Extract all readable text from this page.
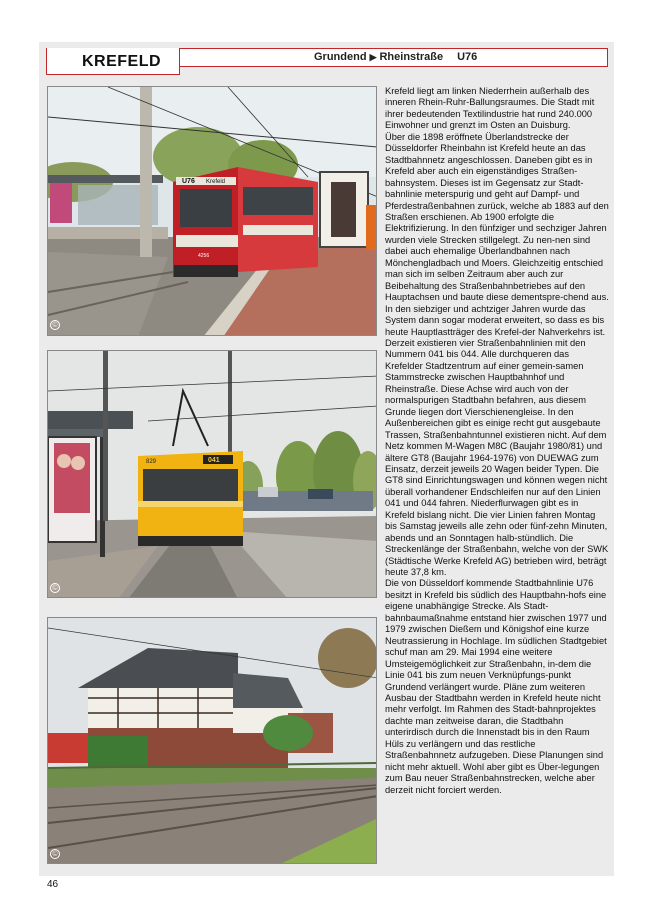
KREFELD	Grundend ▶ Rheinstraße U76
U76 Krefeld
4256
©
041
829
©
©

Krefeld liegt am linken Niederrhein außerhalb des inneren Rhein-Ruhr-Ballungsraumes. Die Stadt mit ihrer bedeutenden Textilindustrie hat rund 240.000 Einwohner und grenzt im Osten an Duisburg.

Über die 1898 eröffnete Überlandstrecke der Düsseldorfer Rheinbahn ist Krefeld heute an das Stadtbahnnetz angeschlossen. Daneben gibt es in Krefeld aber auch ein eigenständiges Straßen-bahnsystem. Dieses ist im Gegensatz zur Stadt-bahnlinie meterspurig und geht auf Dampf- und Pferdestraßenbahnen zurück, welche ab 1883 auf den Straßen erschienen. Ab 1900 erfolgte die Elektrifizierung. In den fünfziger und sechziger Jahren wurden viele Strecken stillgelegt. Zu nen-nen sind dabei auch ehemalige Überlandbahnen nach Mönchengladbach und Moers. Gleichzeitig entschied man sich im selben Zeitraum aber auch zur Beibehaltung des Straßenbahnbetriebes auf den Hauptachsen und baute diese dementspre-chend aus. In den siebziger und achtziger Jahren wurde das System dann sogar moderat erweitert, so dass es bis heute Hauptlastträger des Krefel-der Nahverkehrs ist.

Derzeit existieren vier Straßenbahnlinien mit den Nummern 041 bis 044. Alle durchqueren das Krefelder Stadtzentrum auf einer gemein-samen Stammstrecke zwischen Hauptbahnhof und Rheinstraße. Diese Achse wird auch von der normalspurigen Stadtbahn befahren, aus diesem Grunde liegen dort Vierschienengleise. In den Außenbereichen gibt es einige recht gut ausgebaute Trassen, Straßenbahntunnel existieren nicht. Auf dem Netz kommen M-Wagen M8C (Baujahr 1980/81) und ältere GT8 (Baujahr 1964-1976) von DUEWAG zum Einsatz, derzeit jeweils 20 Wagen beider Typen. Die GT8 sind Einrichtungswagen und können wegen nicht überall vorhandener Endschleifen nur auf den Linien 041 und 044 fahren. Niederflurwagen gibt es in Krefeld bislang nicht. Die vier Linien fahren Montag bis Samstag jeweils alle zehn oder fünf-zehn Minuten, abends und an Sonntagen halb-stündlich. Die Streckenlänge der Straßenbahn, welche von der SWK (Städtische Werke Krefeld AG) betrieben wird, beträgt heute 37,8 km.

Die von Düsseldorf kommende Stadtbahnlinie U76 besitzt in Krefeld bis südlich des Hauptbahn-hofs eine eigene unabhängige Strecke. Als Stadt-bahnbaumaßnahme entstand hier zwischen 1977 und 1979 zwischen Dießem und Königshof eine kurze Neutrassierung in Hochlage. Im südlichen Stadtgebiet schuf man am 29. Mai 1994 eine weitere Umsteigemöglichkeit zur Straßenbahn, in-dem die Linie 041 bis zum neuen Verknüpfungs-punkt Grundend verlängert wurde. Pläne zum weiteren Ausbau der Stadtbahn werden in Krefeld heute nicht mehr verfolgt. Im Rahmen des Stadt-bahnprojektes dachte man zeitweise daran, die Stadtbahn unterirdisch durch die Innenstadt bis in den Raum Hüls zu verlängern und das restliche Straßenbahnnetz aufzugeben. Diese Planungen sind nicht mehr aktuell. Wohl aber gibt es Über-legungen zum Bau neuer Straßenbahnstrecken, welche aber derzeit nicht forciert werden.

46
